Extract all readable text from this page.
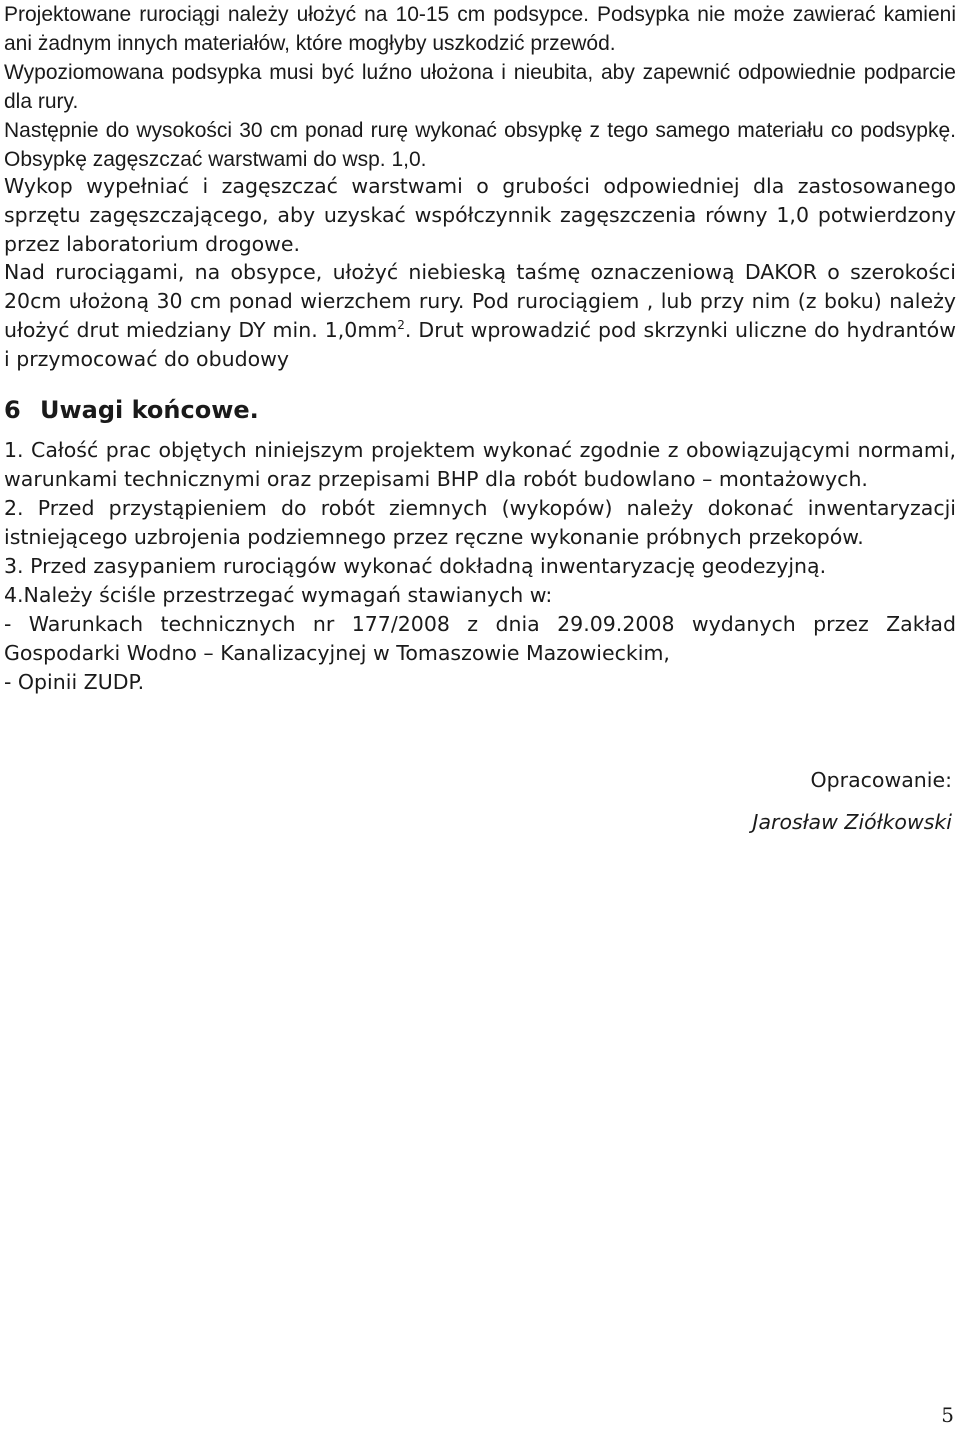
Projektowane rurociągi należy ułożyć na 10-15 cm podsypce. Podsypka nie może zawierać kamieni ani żadnym innych materiałów, które mogłyby uszkodzić przewód.

Wypoziomowana podsypka musi być luźno ułożona i nieubita, aby zapewnić odpowiednie podparcie dla rury.

Następnie do wysokości 30 cm ponad rurę wykonać obsypkę z tego samego materiału co podsypkę. Obsypkę zagęszczać warstwami do wsp. 1,0.

Wykop wypełniać i zagęszczać warstwami o grubości odpowiedniej dla zastosowanego sprzętu zagęszczającego, aby uzyskać współczynnik zagęszczenia równy 1,0 potwierdzony przez laboratorium drogowe.

Nad rurociągami, na obsypce, ułożyć niebieską taśmę oznaczeniową DAKOR o szerokości 20cm ułożoną 30 cm ponad wierzchem rury. Pod rurociągiem , lub przy nim (z boku) należy ułożyć drut miedziany DY min. $1,0mm^2$. Drut wprowadzić pod skrzynki uliczne do hydrantów i przymocować do obudowy

6 Uwagi końcowe.

1. Całość prac objętych niniejszym projektem wykonać zgodnie z obowiązującymi normami, warunkami technicznymi oraz przepisami BHP dla robót budowlano – montażowych.

2. Przed przystąpieniem do robót ziemnych (wykopów) należy dokonać inwentaryzacji istniejącego uzbrojenia podziemnego przez ręczne wykonanie próbnych przekopów.

3. Przed zasypaniem rurociągów wykonać dokładną inwentaryzację geodezyjną.

4.Należy ściśle przestrzegać wymagań stawianych w:

- Warunkach technicznych nr 177/2008 z dnia 29.09.2008 wydanych przez Zakład Gospodarki Wodno – Kanalizacyjnej w Tomaszowie Mazowieckim,

- Opinii ZUDP.

Opracowanie:
Jarosław Ziółkowski
5
